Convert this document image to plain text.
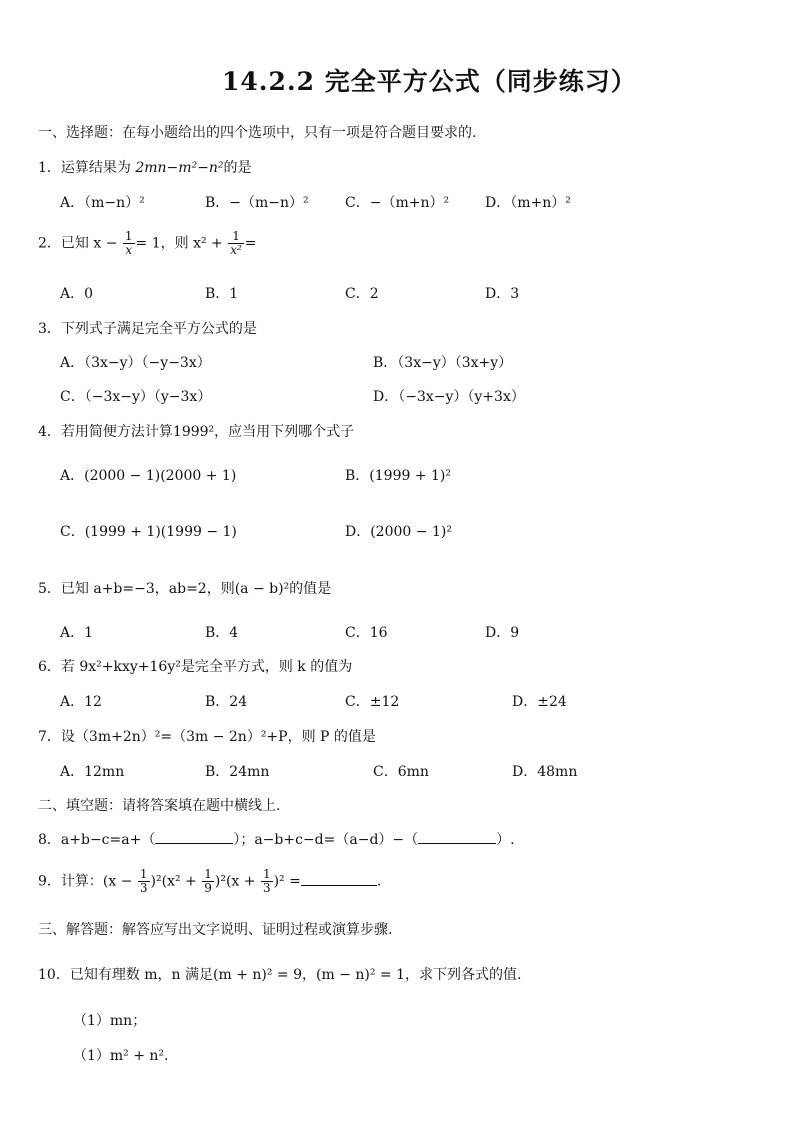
14.2.2 完全平方公式（同步练习）
一、选择题：在每小题给出的四个选项中，只有一项是符合题目要求的.
1．运算结果为 2mn−m²−n²的是
A．（m−n）²	B．−（m−n）²	C．−（m+n）²	D．（m+n）²
2．已知 $x - \frac{1}{x} = 1$，则 $x^2 + \frac{1}{\text{x²}}$ =
A．0	B．1	C．2	D．3
3．下列式子满足完全平方公式的是
A．（3x−y）（−y−3x）	B．（3x−y）（3x+y）
C．（−3x−y）（y−3x）	D．（−3x−y）（y+3x）
4．若用简便方法计算1999²，应当用下列哪个式子
A．(2000 − 1)(2000 + 1)	B．(1999 + 1)²
C．(1999 + 1)(1999 − 1)	D．(2000 − 1)²
5．已知 a+b=−3，ab=2，则(a − b)²的值是
A．1	B．4	C．16	D．9
6．若 9x²+kxy+16y²是完全平方式，则 k 的值为
A．12	B．24	C．±12	D．±24
7．设（3m+2n）²=（3m − 2n）²+P，则 P 的值是
A．12mn	B．24mn	C．6mn	D．48mn
二、填空题：请将答案填在题中横线上.
8．a+b−c=a+（	）；a−b+c−d=（a−d）−（	）.
9．计算：$(x - \frac{1}{3} )^2(x^2 + \frac{1}{9} )^2(x + \frac{1}{3} )^2$ =	.
三、解答题：解答应写出文字说明、证明过程或演算步骤.
10．已知有理数 m，n 满足(m + n)² = 9，(m − n)² = 1，求下列各式的值.
（1）mn；
（1）m² + n².
